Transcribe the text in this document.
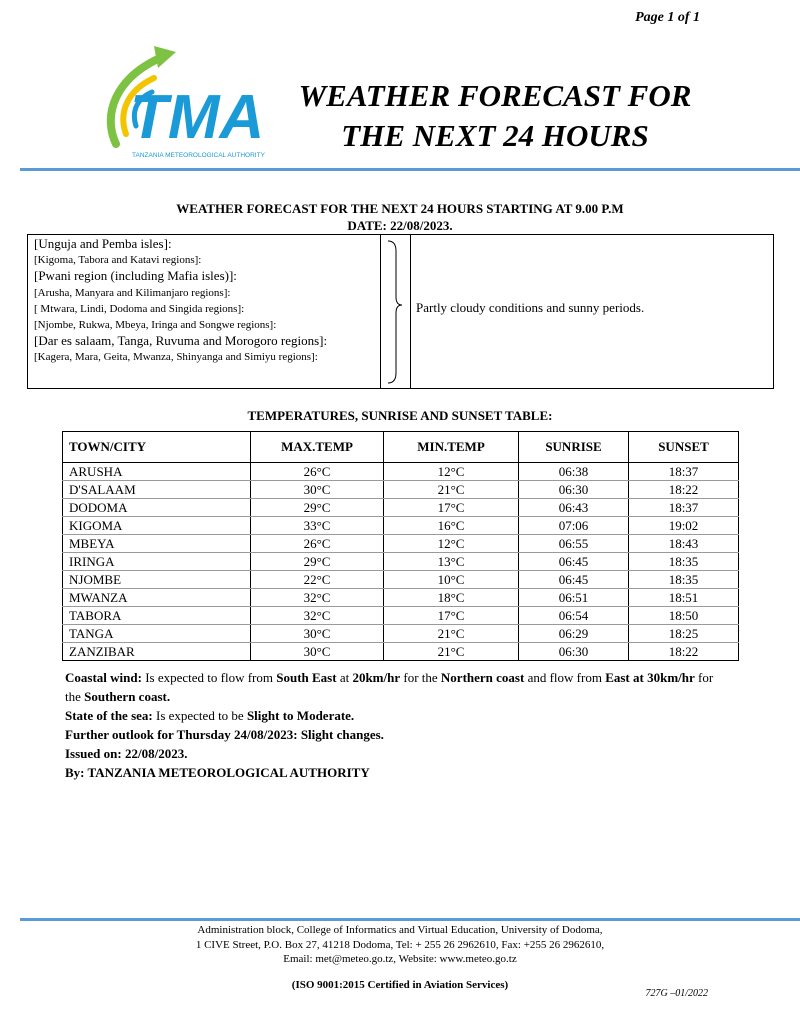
Page 1 of 1
TMA
TANZANIA METEOROLOGICAL AUTHORITY
WEATHER FORECAST FOR
THE NEXT 24 HOURS
WEATHER FORECAST FOR THE NEXT 24 HOURS STARTING AT 9.00 P.M
DATE: 22/08/2023.
[Unguja and Pemba isles]:
[Kigoma, Tabora and Katavi regions]:
[Pwani region (including Mafia isles)]:
[Arusha, Manyara and Kilimanjaro regions]:
[ Mtwara, Lindi, Dodoma and Singida regions]:
[Njombe, Rukwa, Mbeya, Iringa and Songwe regions]:
[Dar es salaam, Tanga, Ruvuma and Morogoro regions]:
[Kagera, Mara, Geita, Mwanza, Shinyanga and Simiyu regions]:
Partly cloudy conditions and sunny periods.
TEMPERATURES, SUNRISE AND SUNSET TABLE:
TOWN/CITY	MAX.TEMP	MIN.TEMP	SUNRISE	SUNSET
ARUSHA	26°C	12°C	06:38	18:37
D'SALAAM	30°C	21°C	06:30	18:22
DODOMA	29°C	17°C	06:43	18:37
KIGOMA	33°C	16°C	07:06	19:02
MBEYA	26°C	12°C	06:55	18:43
IRINGA	29°C	13°C	06:45	18:35
NJOMBE	22°C	10°C	06:45	18:35
MWANZA	32°C	18°C	06:51	18:51
TABORA	32°C	17°C	06:54	18:50
TANGA	30°C	21°C	06:29	18:25
ZANZIBAR	30°C	21°C	06:30	18:22

Coastal wind: Is expected to flow from South East at 20km/hr for the Northern coast and flow from East at 30km/hr for the Southern coast.

State of the sea: Is expected to be Slight to Moderate.

Further outlook for Thursday 24/08/2023: Slight changes.

Issued on: 22/08/2023.

By: TANZANIA METEOROLOGICAL AUTHORITY

Administration block, College of Informatics and Virtual Education, University of Dodoma,
1 CIVE Street, P.O. Box 27, 41218 Dodoma, Tel: + 255 26 2962610, Fax: +255 26 2962610,
Email: met@meteo.go.tz, Website: www.meteo.go.tz
(ISO 9001:2015 Certified in Aviation Services)
727G –01/2022
